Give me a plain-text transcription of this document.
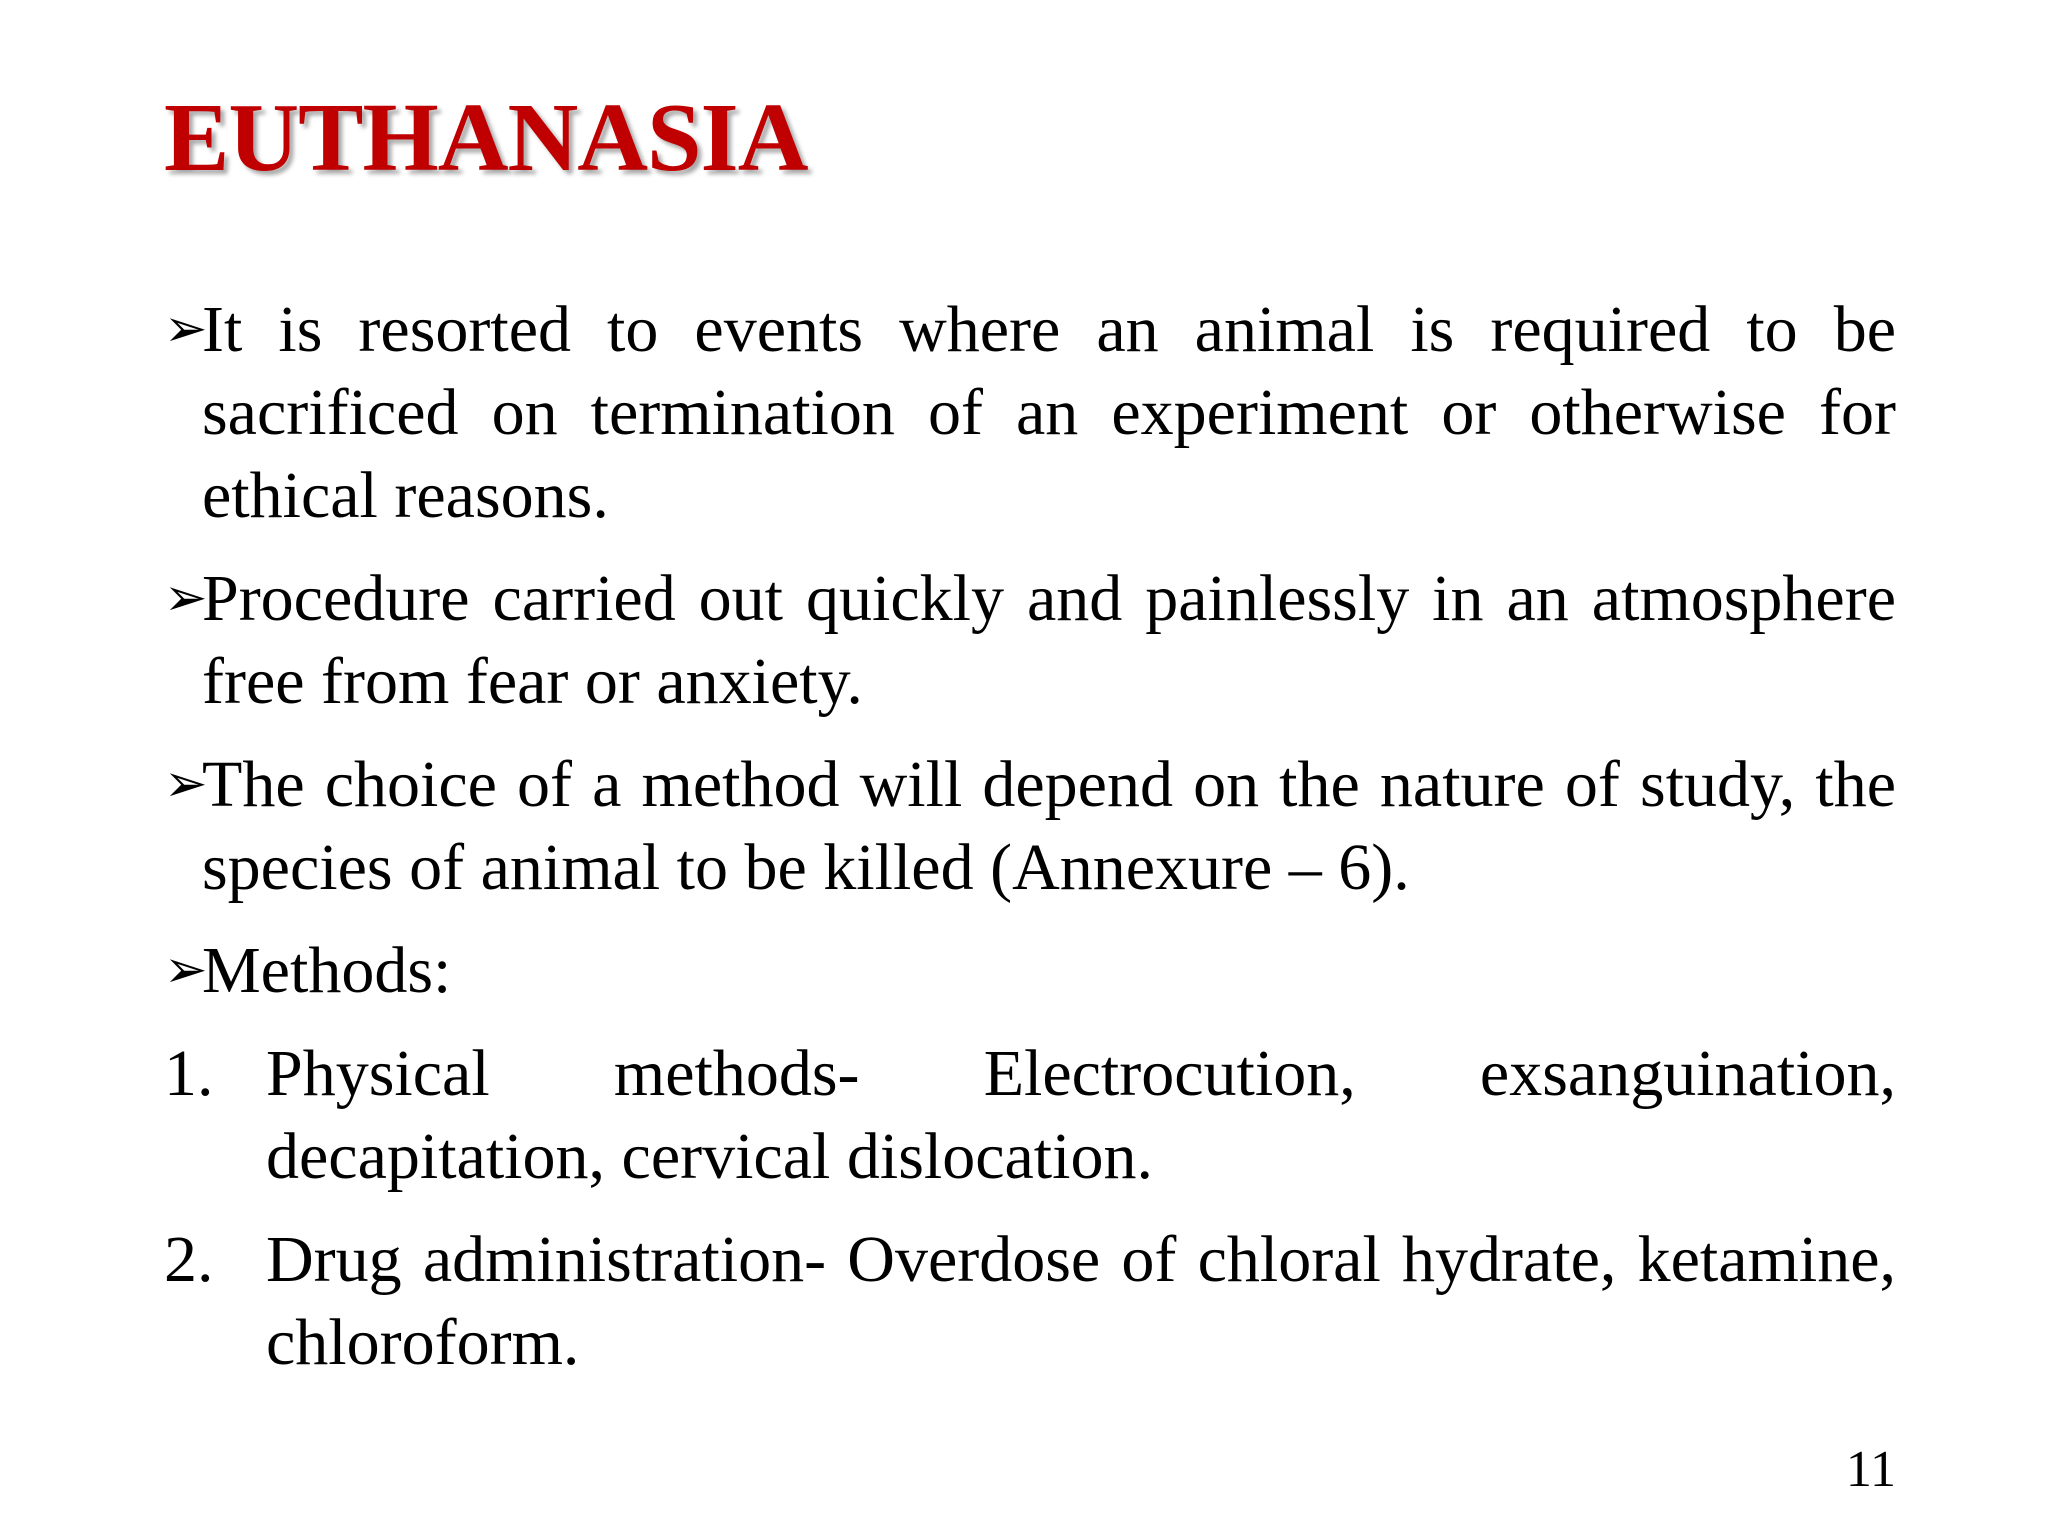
EUTHANASIA

➢
It is resorted to events where an animal is required to be sacrificed on termination of an experiment or otherwise for ethical reasons.

➢
Procedure carried out quickly and painlessly in an atmosphere free from fear or anxiety.

➢
The choice of a method will depend on the nature of study, the species of animal to be killed (Annexure – 6).

➢
Methods:

1. Physical methods- Electrocution, exsanguination, decapitation, cervical dislocation.

2. Drug administration- Overdose of chloral hydrate, ketamine, chloroform.

11
